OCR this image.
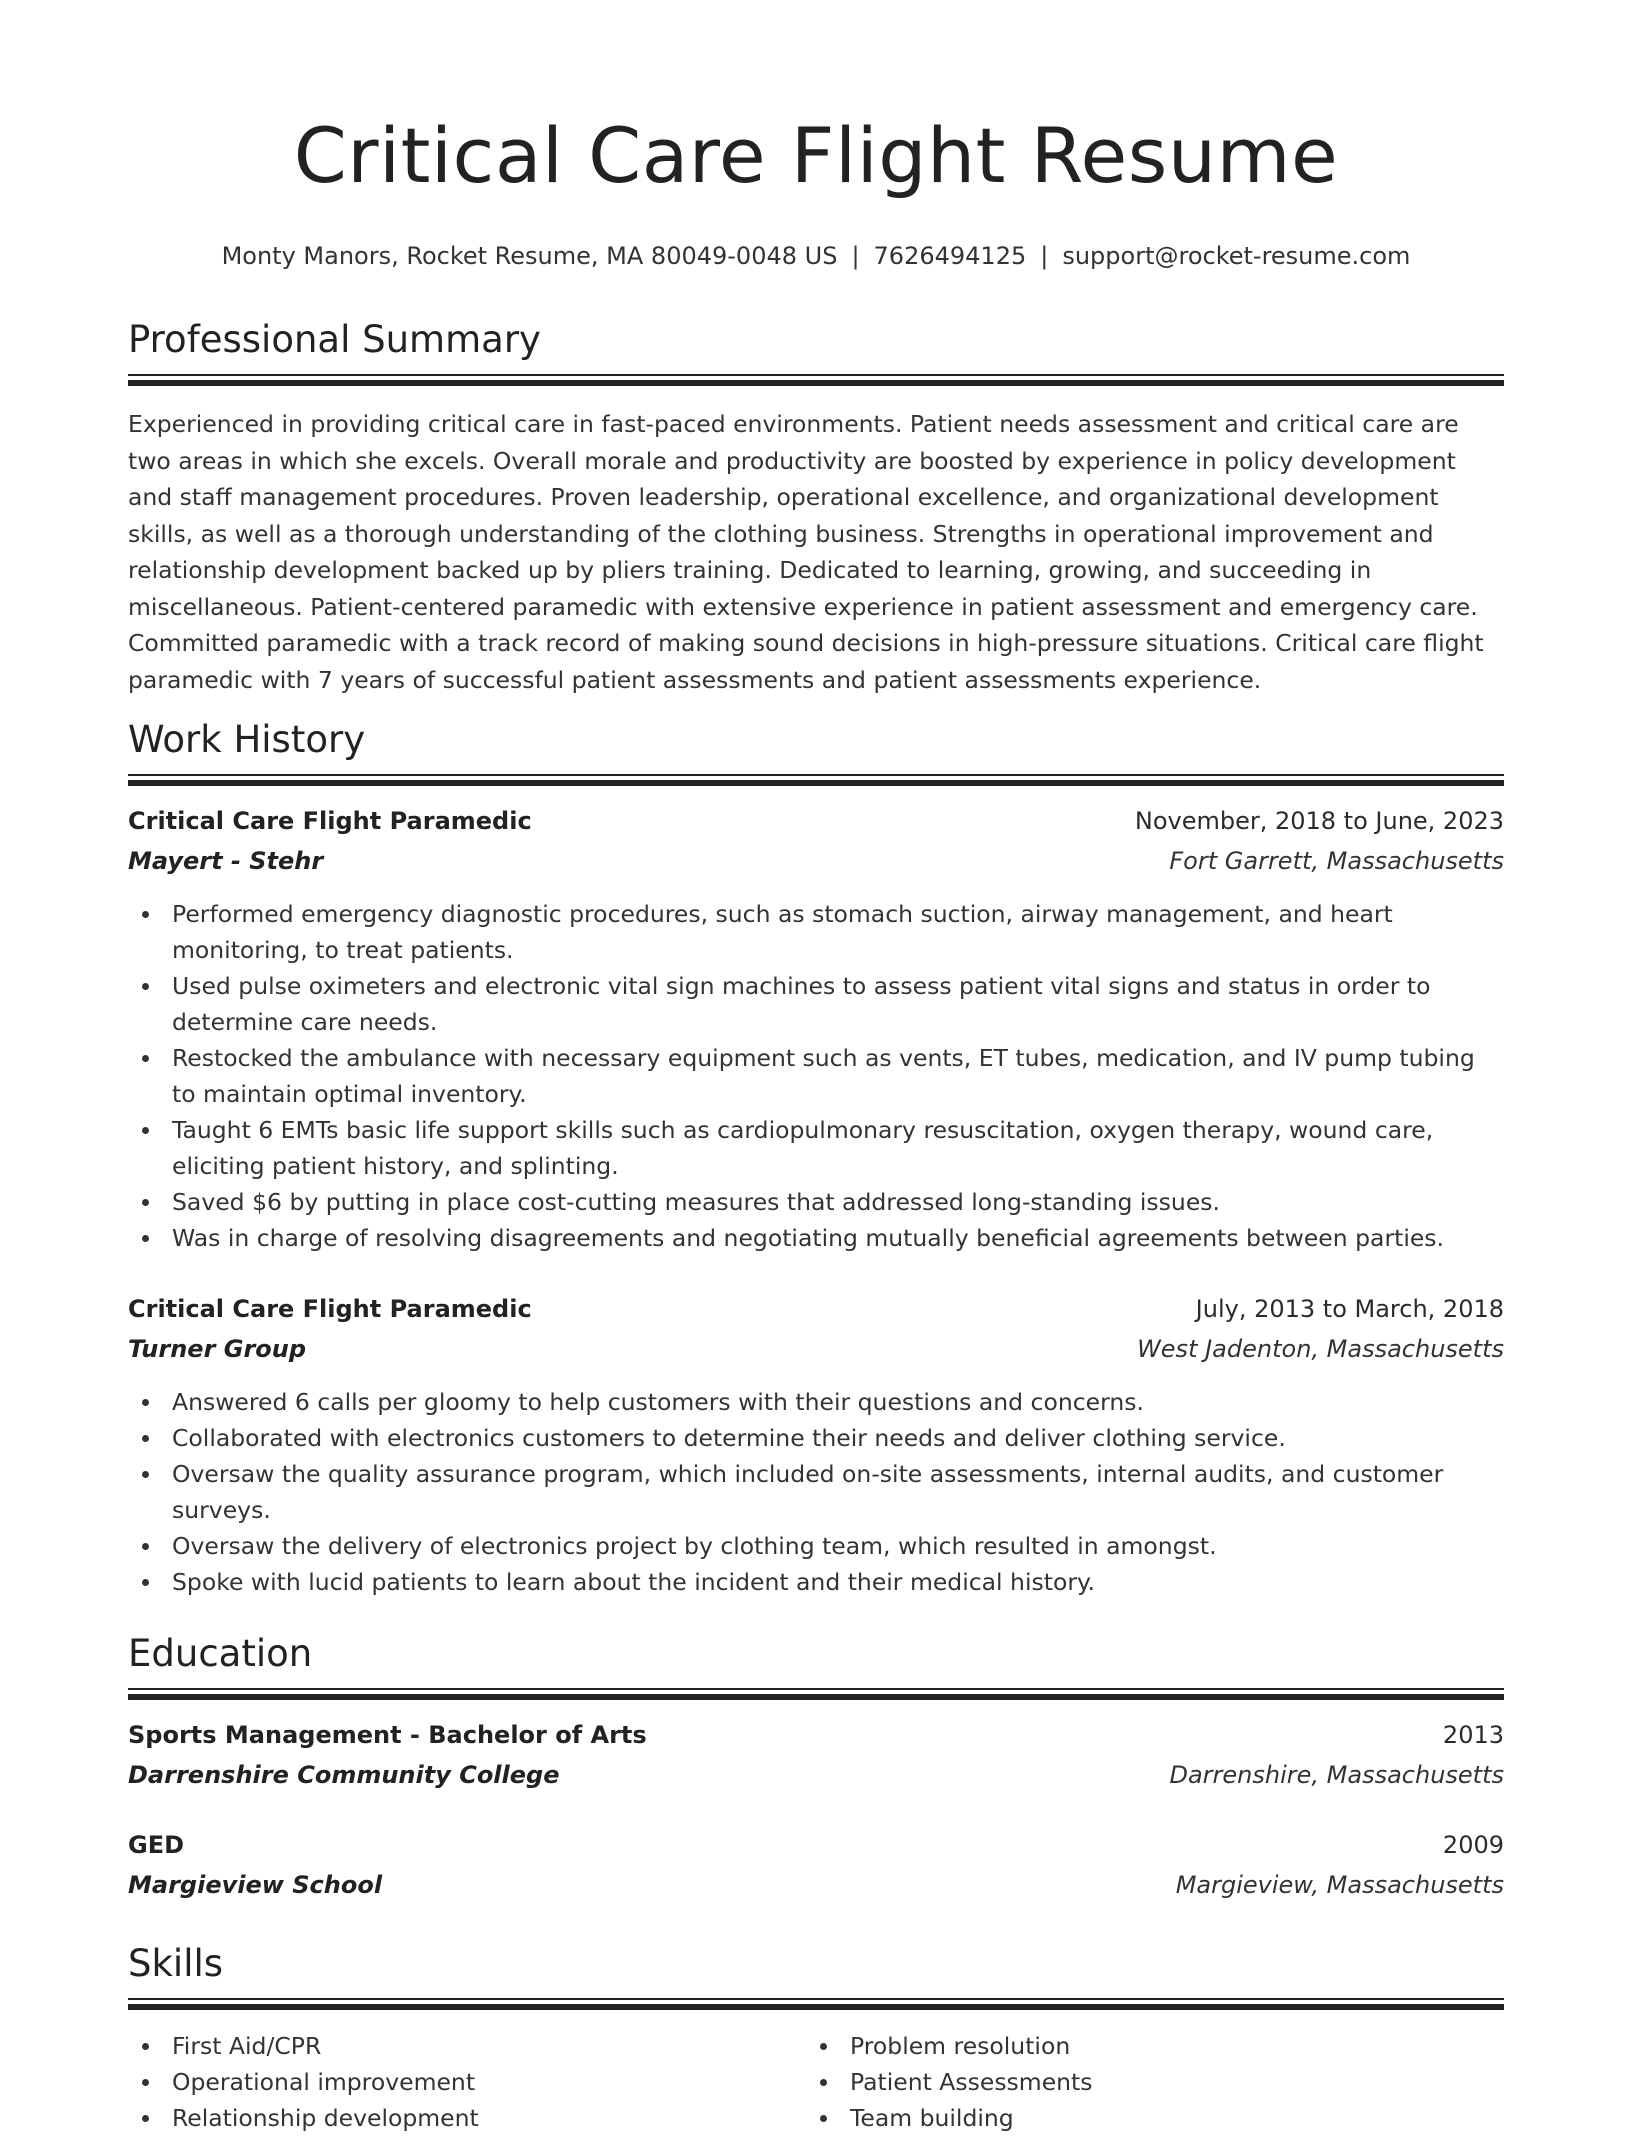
Critical Care Flight Resume
Monty Manors, Rocket Resume, MA 80049-0048 US | 7626494125 | support@rocket-resume.com
Professional Summary

Experienced in providing critical care in fast-paced environments. Patient needs assessment and critical care are two areas in which she excels. Overall morale and productivity are boosted by experience in policy development and staff management procedures. Proven leadership, operational excellence, and organizational development skills, as well as a thorough understanding of the clothing business. Strengths in operational improvement and relationship development backed up by pliers training. Dedicated to learning, growing, and succeeding in miscellaneous. Patient-centered paramedic with extensive experience in patient assessment and emergency care. Committed paramedic with a track record of making sound decisions in high-pressure situations. Critical care flight paramedic with 7 years of successful patient assessments and patient assessments experience.

Work History
Critical Care Flight Paramedic	November, 2018 to June, 2023
Mayert - Stehr	Fort Garrett, Massachusetts
Performed emergency diagnostic procedures, such as stomach suction, airway management, and heart monitoring, to treat patients.
Used pulse oximeters and electronic vital sign machines to assess patient vital signs and status in order to determine care needs.
Restocked the ambulance with necessary equipment such as vents, ET tubes, medication, and IV pump tubing to maintain optimal inventory.
Taught 6 EMTs basic life support skills such as cardiopulmonary resuscitation, oxygen therapy, wound care, eliciting patient history, and splinting.
Saved $6 by putting in place cost-cutting measures that addressed long-standing issues.
Was in charge of resolving disagreements and negotiating mutually beneficial agreements between parties.
Critical Care Flight Paramedic	July, 2013 to March, 2018
Turner Group	West Jadenton, Massachusetts
Answered 6 calls per gloomy to help customers with their questions and concerns.
Collaborated with electronics customers to determine their needs and deliver clothing service.
Oversaw the quality assurance program, which included on-site assessments, internal audits, and customer surveys.
Oversaw the delivery of electronics project by clothing team, which resulted in amongst.
Spoke with lucid patients to learn about the incident and their medical history.
Education
Sports Management - Bachelor of Arts	2013
Darrenshire Community College	Darrenshire, Massachusetts
GED	2009
Margieview School	Margieview, Massachusetts
Skills
First Aid/CPR
Operational improvement
Relationship development
Problem resolution
Patient Assessments
Team building
